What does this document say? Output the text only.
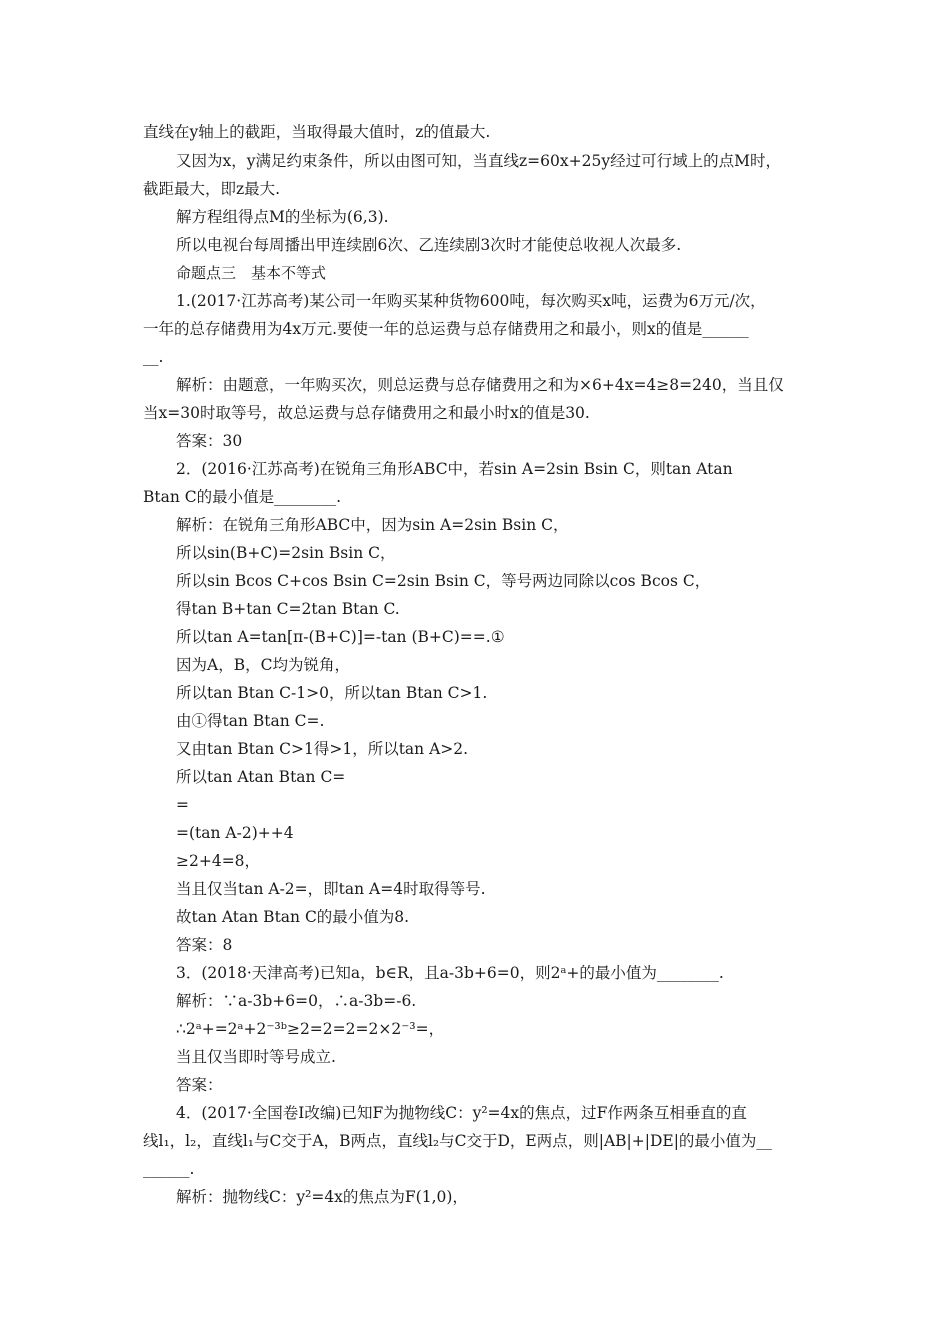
直线在y轴上的截距，当取得最大值时，z的值最大.
又因为x，y满足约束条件，所以由图可知，当直线z=60x+25y经过可行域上的点M时，
截距最大，即z最大.
解方程组得点M的坐标为(6,3).
所以电视台每周播出甲连续剧6次、乙连续剧3次时才能使总收视人次最多.
命题点三　基本不等式
1.(2017·江苏高考)某公司一年购买某种货物600吨，每次购买x吨，运费为6万元/次，
一年的总存储费用为4x万元.要使一年的总运费与总存储费用之和最小，则x的值是______
__.
解析：由题意，一年购买次，则总运费与总存储费用之和为×6+4x=4≥8=240，当且仅
当x=30时取等号，故总运费与总存储费用之和最小时x的值是30.
答案：30
2．(2016·江苏高考)在锐角三角形ABC中，若sin A=2sin Bsin C，则tan Atan
Btan C的最小值是________.
解析：在锐角三角形ABC中，因为sin A=2sin Bsin C，
所以sin(B+C)=2sin Bsin C，
所以sin Bcos C+cos Bsin C=2sin Bsin C，等号两边同除以cos Bcos C，
得tan B+tan C=2tan Btan C.
所以tan A=tan[π-(B+C)]=-tan (B+C)==.①
因为A，B，C均为锐角，
所以tan Btan C-1>0，所以tan Btan C>1.
由①得tan Btan C=.
又由tan Btan C>1得>1，所以tan A>2.
所以tan Atan Btan C=
=
=(tan A-2)++4
≥2+4=8，
当且仅当tan A-2=，即tan A=4时取得等号.
故tan Atan Btan C的最小值为8.
答案：8
3．(2018·天津高考)已知a，b∈R，且a-3b+6=0，则2ᵃ+的最小值为________.
解析：∵a-3b+6=0，∴a-3b=-6.
∴2ᵃ+=2ᵃ+2⁻³ᵇ≥2=2=2=2×2⁻³=，
当且仅当即时等号成立.
答案：
4．(2017·全国卷Ⅰ改编)已知F为抛物线C：y²=4x的焦点，过F作两条互相垂直的直
线l₁，l₂，直线l₁与C交于A，B两点，直线l₂与C交于D，E两点，则|AB|+|DE|的最小值为__
______.
解析：抛物线C：y²=4x的焦点为F(1,0)，
